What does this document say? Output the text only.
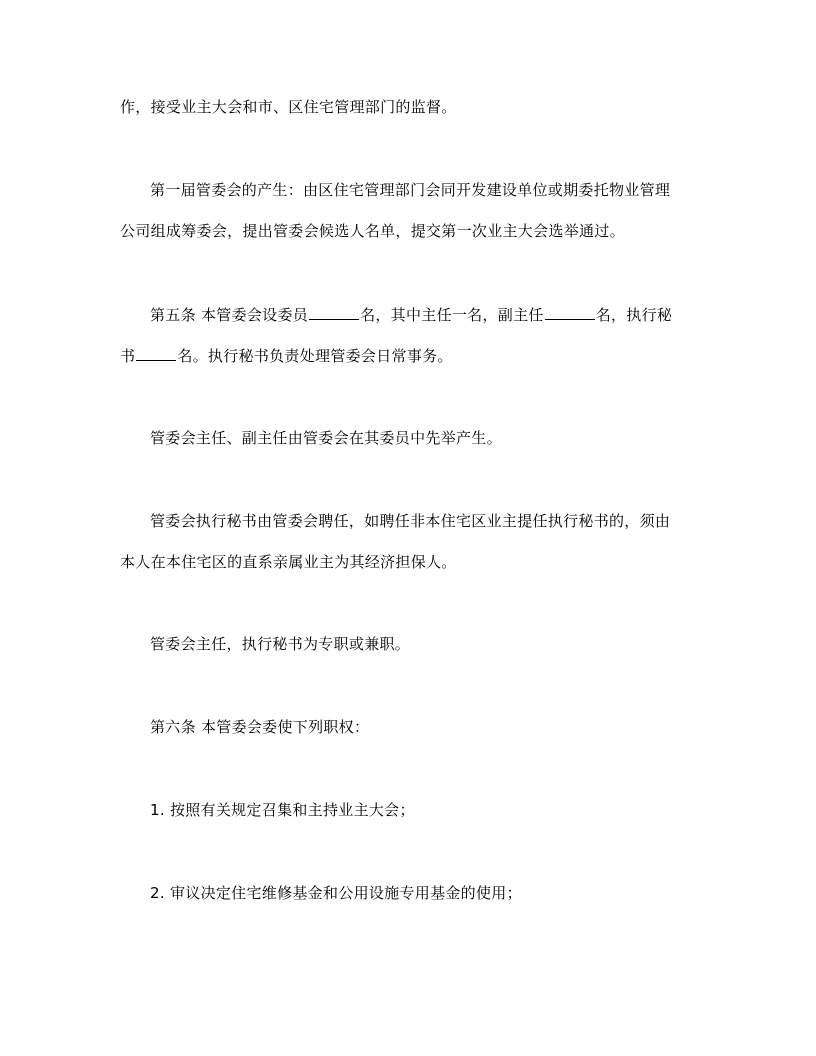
作，接受业主大会和市、区住宅管理部门的监督。
第一届管委会的产生：由区住宅管理部门会同开发建设单位或期委托物业管理
公司组成筹委会，提出管委会候选人名单，提交第一次业主大会选举通过。
第五条 本管委会设委员	名，其中主任一名，副主任	名，执行秘
书	名。执行秘书负责处理管委会日常事务。
管委会主任、副主任由管委会在其委员中先举产生。
管委会执行秘书由管委会聘任，如聘任非本住宅区业主提任执行秘书的，须由
本人在本住宅区的直系亲属业主为其经济担保人。
管委会主任，执行秘书为专职或兼职。
第六条 本管委会委使下列职权：
1. 按照有关规定召集和主持业主大会；
2. 审议决定住宅维修基金和公用设施专用基金的使用；
